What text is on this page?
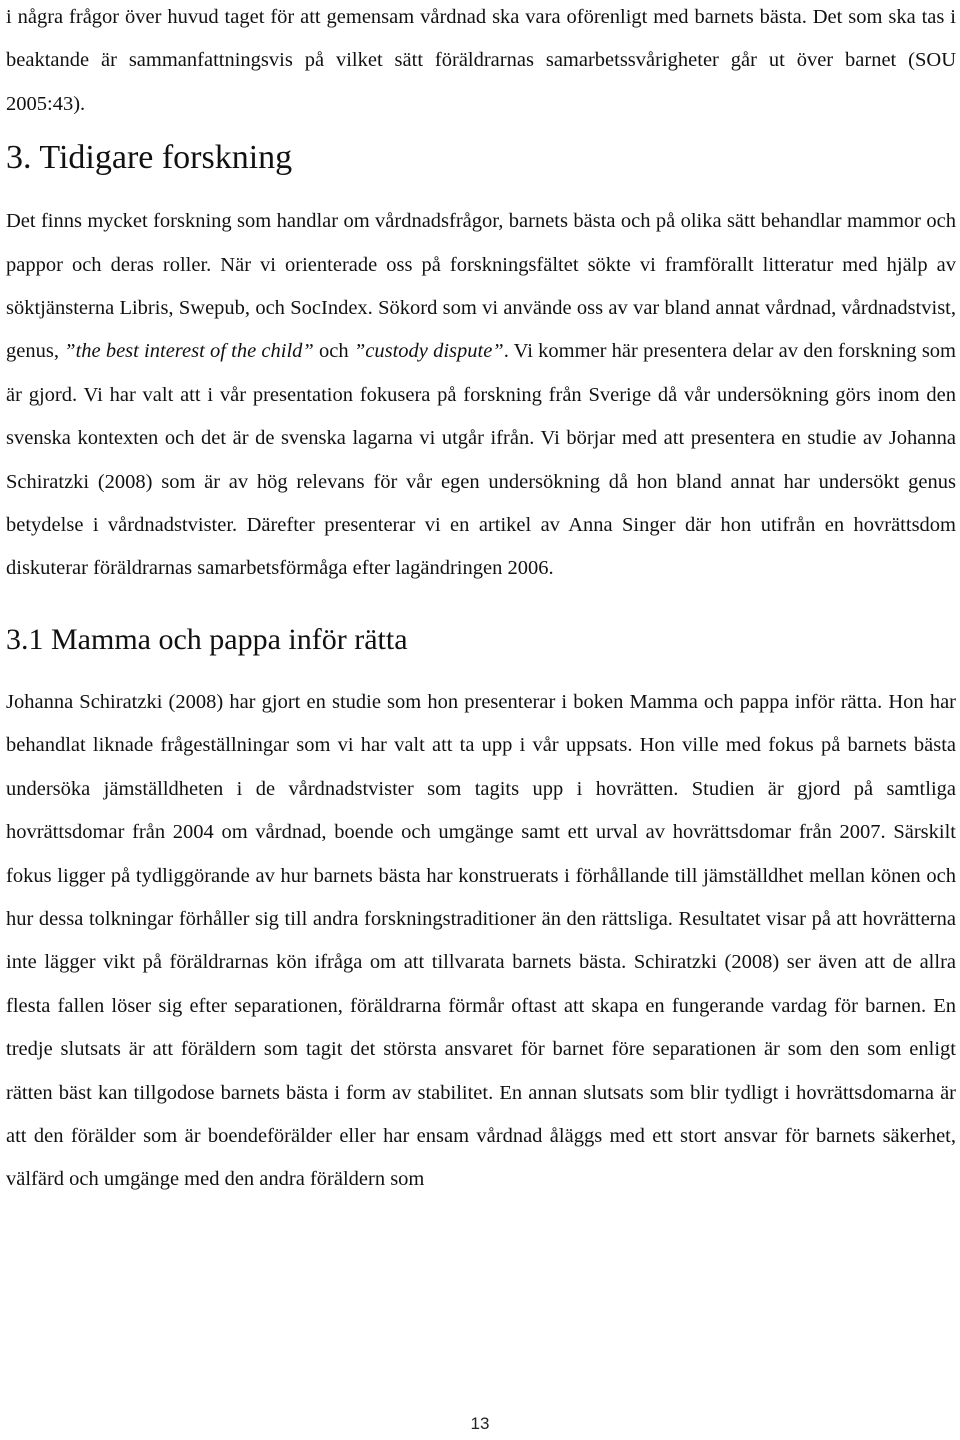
i några frågor över huvud taget för att gemensam vårdnad ska vara oförenligt med barnets bästa. Det som ska tas i beaktande är sammanfattningsvis på vilket sätt föräldrarnas samarbetssvårigheter går ut över barnet (SOU 2005:43).

3. Tidigare forskning

Det finns mycket forskning som handlar om vårdnadsfrågor, barnets bästa och på olika sätt behandlar mammor och pappor och deras roller. När vi orienterade oss på forskningsfältet sökte vi framförallt litteratur med hjälp av söktjänsterna Libris, Swepub, och SocIndex. Sökord som vi använde oss av var bland annat vårdnad, vårdnadstvist, genus, ”the best interest of the child” och ”custody dispute”. Vi kommer här presentera delar av den forskning som är gjord. Vi har valt att i vår presentation fokusera på forskning från Sverige då vår undersökning görs inom den svenska kontexten och det är de svenska lagarna vi utgår ifrån. Vi börjar med att presentera en studie av Johanna Schiratzki (2008) som är av hög relevans för vår egen undersökning då hon bland annat har undersökt genus betydelse i vårdnadstvister. Därefter presenterar vi en artikel av Anna Singer där hon utifrån en hovrättsdom diskuterar föräldrarnas samarbetsförmåga efter lagändringen 2006.

3.1 Mamma och pappa inför rätta

Johanna Schiratzki (2008) har gjort en studie som hon presenterar i boken Mamma och pappa inför rätta. Hon har behandlat liknade frågeställningar som vi har valt att ta upp i vår uppsats. Hon ville med fokus på barnets bästa undersöka jämställdheten i de vårdnadstvister som tagits upp i hovrätten. Studien är gjord på samtliga hovrättsdomar från 2004 om vårdnad, boende och umgänge samt ett urval av hovrättsdomar från 2007. Särskilt fokus ligger på tydliggörande av hur barnets bästa har konstruerats i förhållande till jämställdhet mellan könen och hur dessa tolkningar förhåller sig till andra forskningstraditioner än den rättsliga. Resultatet visar på att hovrätterna inte lägger vikt på föräldrarnas kön ifråga om att tillvarata barnets bästa. Schiratzki (2008) ser även att de allra flesta fallen löser sig efter separationen, föräldrarna förmår oftast att skapa en fungerande vardag för barnen. En tredje slutsats är att föräldern som tagit det största ansvaret för barnet före separationen är som den som enligt rätten bäst kan tillgodose barnets bästa i form av stabilitet. En annan slutsats som blir tydligt i hovrättsdomarna är att den förälder som är boendeförälder eller har ensam vårdnad åläggs med ett stort ansvar för barnets säkerhet, välfärd och umgänge med den andra föräldern som

13
